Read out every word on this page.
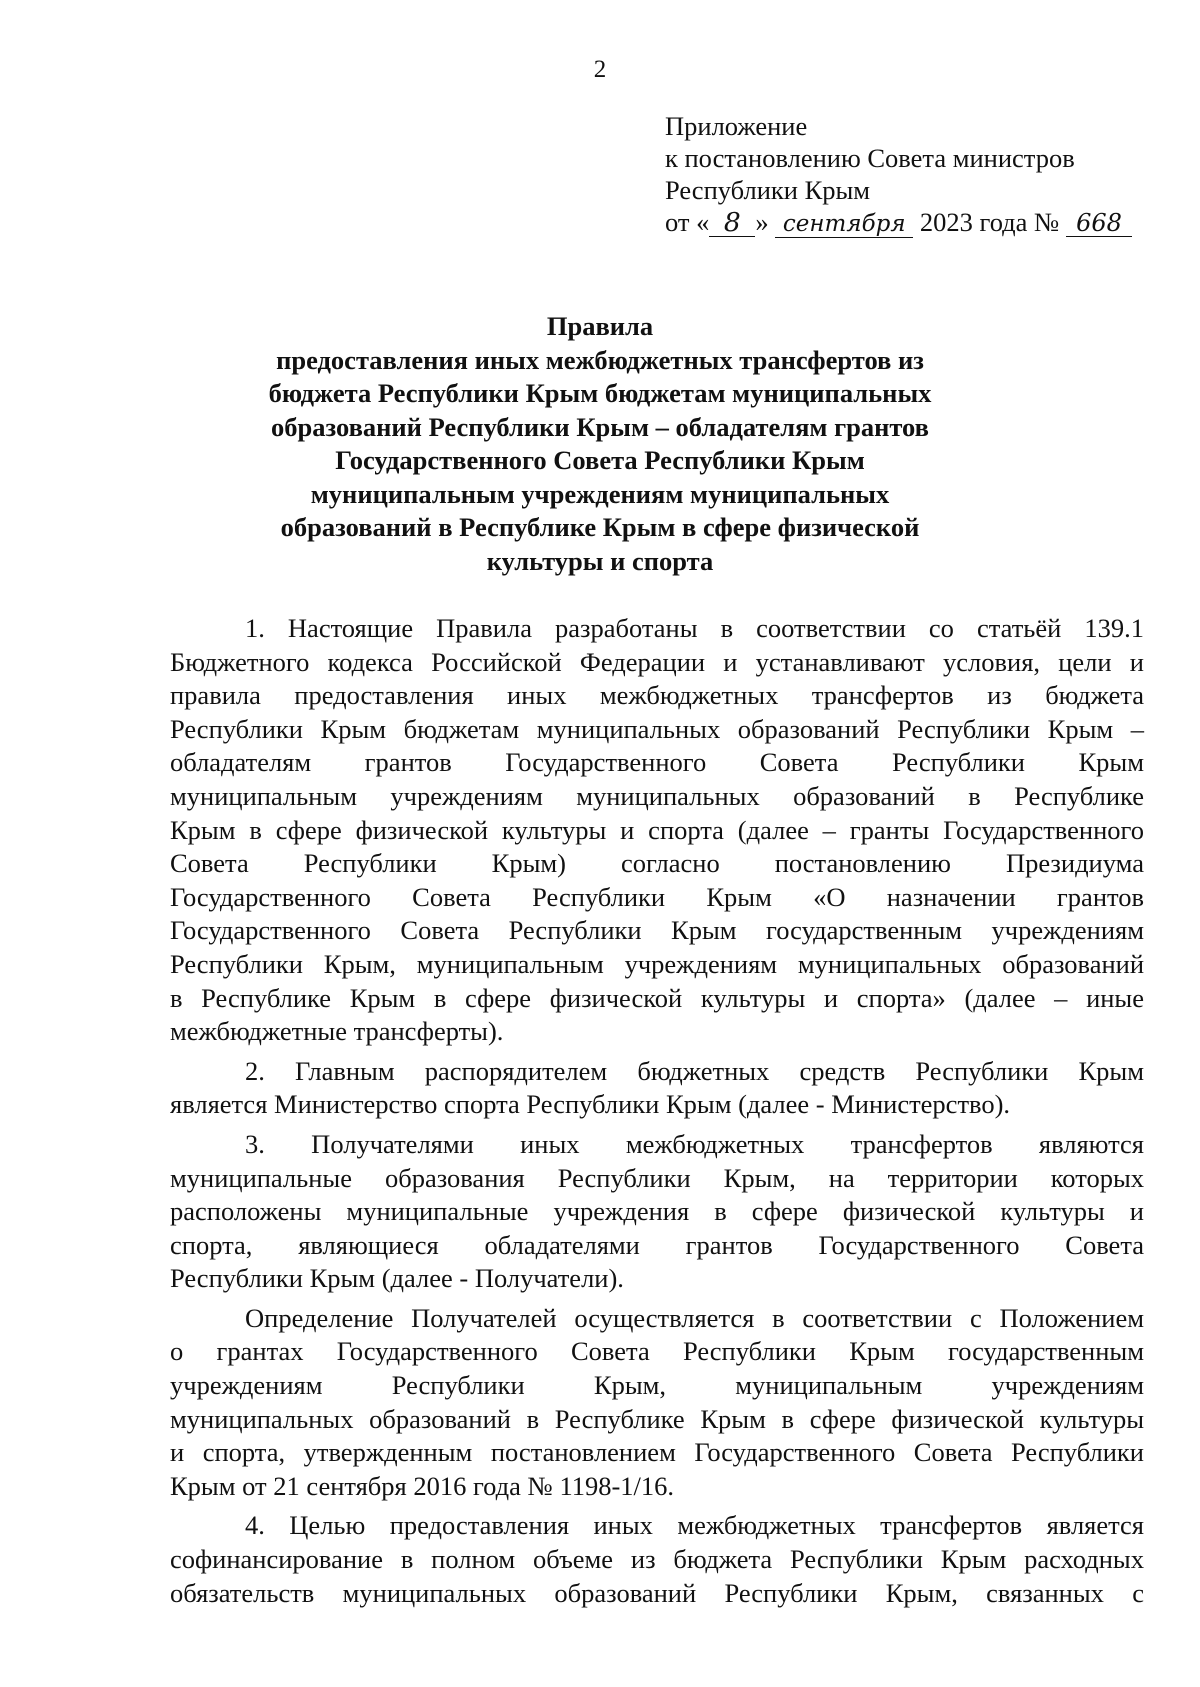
2
Приложение
к постановлению Совета министров
Республики Крым
от « 8 » сентября 2023 года № 668
Правила
предоставления иных межбюджетных трансфертов из
бюджета Республики Крым бюджетам муниципальных
образований Республики Крым – обладателям грантов
Государственного Совета Республики Крым
муниципальным учреждениям муниципальных
образований в Республике Крым в сфере физической
культуры и спорта
1. Настоящие Правила разработаны в соответствии со статьёй 139.1
Бюджетного кодекса Российской Федерации и устанавливают условия, цели и
правила предоставления иных межбюджетных трансфертов из бюджета
Республики Крым бюджетам муниципальных образований Республики Крым –
обладателям грантов Государственного Совета Республики Крым
муниципальным учреждениям муниципальных образований в Республике
Крым в сфере физической культуры и спорта (далее – гранты Государственного
Совета Республики Крым) согласно постановлению Президиума
Государственного Совета Республики Крым «О назначении грантов
Государственного Совета Республики Крым государственным учреждениям
Республики Крым, муниципальным учреждениям муниципальных образований
в Республике Крым в сфере физической культуры и спорта» (далее – иные
межбюджетные трансферты).
2. Главным распорядителем бюджетных средств Республики Крым
является Министерство спорта Республики Крым (далее - Министерство).
3. Получателями иных межбюджетных трансфертов являются
муниципальные образования Республики Крым, на территории которых
расположены муниципальные учреждения в сфере физической культуры и
спорта, являющиеся обладателями грантов Государственного Совета
Республики Крым (далее - Получатели).
Определение Получателей осуществляется в соответствии с Положением
о грантах Государственного Совета Республики Крым государственным
учреждениям Республики Крым, муниципальным учреждениям
муниципальных образований в Республике Крым в сфере физической культуры
и спорта, утвержденным постановлением Государственного Совета Республики
Крым от 21 сентября 2016 года № 1198-1/16.
4. Целью предоставления иных межбюджетных трансфертов является
софинансирование в полном объеме из бюджета Республики Крым расходных
обязательств муниципальных образований Республики Крым, связанных с
